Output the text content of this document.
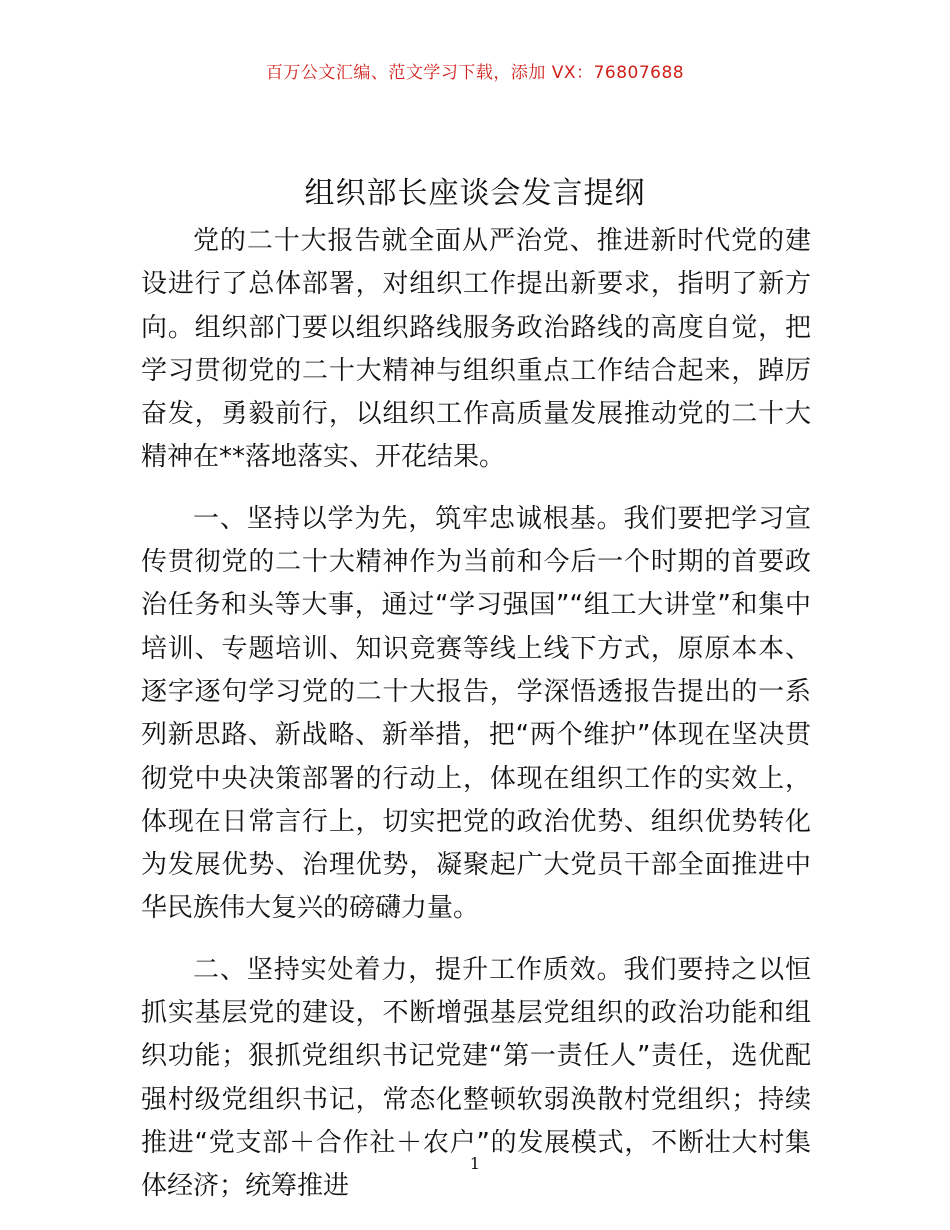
百万公文汇编、范文学习下载，添加 VX：76807688
组织部长座谈会发言提纲

党的二十大报告就全面从严治党、推进新时代党的建设进行了总体部署，对组织工作提出新要求，指明了新方向。组织部门要以组织路线服务政治路线的高度自觉，把学习贯彻党的二十大精神与组织重点工作结合起来，踔厉奋发，勇毅前行，以组织工作高质量发展推动党的二十大精神在**落地落实、开花结果。

一、坚持以学为先，筑牢忠诚根基。我们要把学习宣传贯彻党的二十大精神作为当前和今后一个时期的首要政治任务和头等大事，通过“学习强国”“组工大讲堂”和集中培训、专题培训、知识竞赛等线上线下方式，原原本本、逐字逐句学习党的二十大报告，学深悟透报告提出的一系列新思路、新战略、新举措，把“两个维护”体现在坚决贯彻党中央决策部署的行动上，体现在组织工作的实效上，体现在日常言行上，切实把党的政治优势、组织优势转化为发展优势、治理优势，凝聚起广大党员干部全面推进中华民族伟大复兴的磅礴力量。

二、坚持实处着力，提升工作质效。我们要持之以恒抓实基层党的建设，不断增强基层党组织的政治功能和组织功能；狠抓党组织书记党建“第一责任人”责任，选优配强村级党组织书记，常态化整顿软弱涣散村党组织；持续推进“党支部＋合作社＋农户”的发展模式，不断壮大村集体经济；统筹推进

1
